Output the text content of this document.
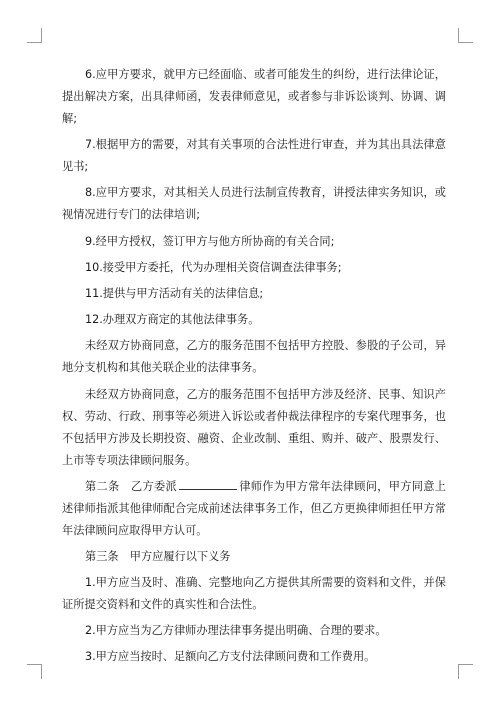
6.应甲方要求，就甲方已经面临、或者可能发生的纠纷，进行法律论证，提出解决方案，出具律师函，发表律师意见，或者参与非诉讼谈判、协调、调解;

7.根据甲方的需要，对其有关事项的合法性进行审查，并为其出具法律意见书;

8.应甲方要求，对其相关人员进行法制宣传教育，讲授法律实务知识，或视情况进行专门的法律培训;

9.经甲方授权，签订甲方与他方所协商的有关合同;

10.接受甲方委托，代为办理相关资信调查法律事务;

11.提供与甲方活动有关的法律信息;

12.办理双方商定的其他法律事务。

未经双方协商同意，乙方的服务范围不包括甲方控股、参股的子公司，异地分支机构和其他关联企业的法律事务。

未经双方协商同意，乙方的服务范围不包括甲方涉及经济、民事、知识产权、劳动、行政、刑事等必须进入诉讼或者仲裁法律程序的专案代理事务，也不包括甲方涉及长期投资、融资、企业改制、重组、购并、破产、股票发行、上市等专项法律顾问服务。

第二条　乙方委派	律师作为甲方常年法律顾问，甲方同意上述律师指派其他律师配合完成前述法律事务工作，但乙方更换律师担任甲方常年法律顾问应取得甲方认可。

第三条　甲方应履行以下义务

1.甲方应当及时、准确、完整地向乙方提供其所需要的资料和文件，并保证所提交资料和文件的真实性和合法性。

2.甲方应当为乙方律师办理法律事务提出明确、合理的要求。

3.甲方应当按时、足额向乙方支付法律顾问费和工作费用。
